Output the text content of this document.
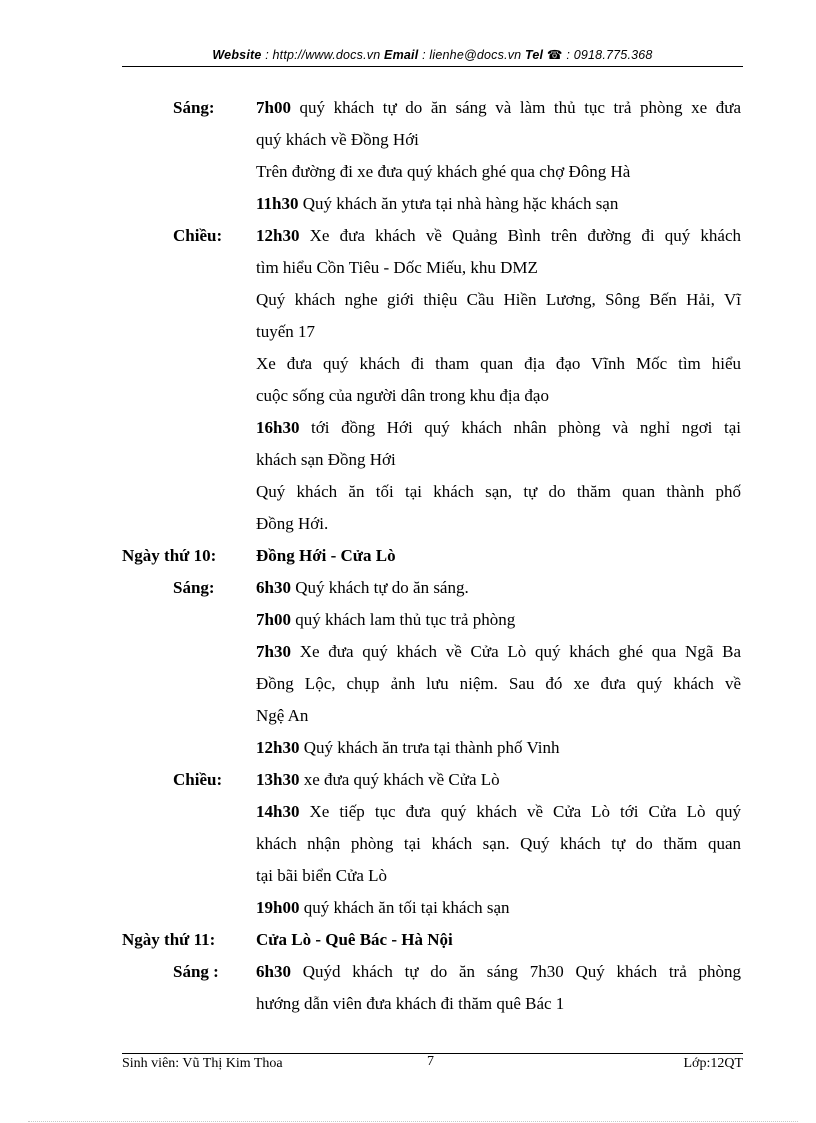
Website : http://www.docs.vn Email : lienhe@docs.vn Tel ☎ : 0918.775.368
Sáng: 7h00 quý khách tự do ăn sáng và làm thủ tục trả phòng xe đưa
quý khách về Đồng Hới
Trên đường đi xe đưa quý khách ghé qua chợ Đông Hà
11h30 Quý khách ăn ytưa tại nhà hàng hặc khách sạn
Chiều: 12h30 Xe đưa khách về Quảng Bình trên đường đi quý khách
tìm hiểu Cồn Tiêu - Dốc Miếu, khu DMZ
Quý khách nghe giới thiệu Cầu Hiền Lương, Sông Bến Hải, Vĩ
tuyến 17
Xe đưa quý khách đi tham quan địa đạo Vĩnh Mốc tìm hiểu
cuộc sống của người dân trong khu địa đạo
16h30 tới đồng Hới quý khách nhân phòng và nghỉ ngơi tại
khách sạn Đồng Hới
Quý khách ăn tối tại khách sạn, tự do thăm quan thành phố
Đồng Hới.
Ngày thứ 10: Đồng Hới - Cửa Lò
Sáng: 6h30 Quý khách tự do ăn sáng.
7h00 quý khách lam thủ tục trả phòng
7h30 Xe đưa quý khách về Cửa Lò quý khách ghé qua Ngã Ba
Đồng Lộc, chụp ảnh lưu niệm. Sau đó xe đưa quý khách về
Ngệ An
12h30 Quý khách ăn trưa tại thành phố Vinh
Chiều: 13h30 xe đưa quý khách về Cửa Lò
14h30 Xe tiếp tục đưa quý khách về Cửa Lò tới Cửa Lò quý
khách nhận phòng tại khách sạn. Quý khách tự do thăm quan
tại bãi biển Cửa Lò
19h00 quý khách ăn tối tại khách sạn
Ngày thứ 11: Cửa Lò - Quê Bác - Hà Nội
Sáng : 6h30 Quýd khách tự do ăn sáng 7h30 Quý khách trả phòng
hướng dẫn viên đưa khách đi thăm quê Bác 1
Sinh viên: Vũ Thị Kim Thoa	7	Lớp:12QT
